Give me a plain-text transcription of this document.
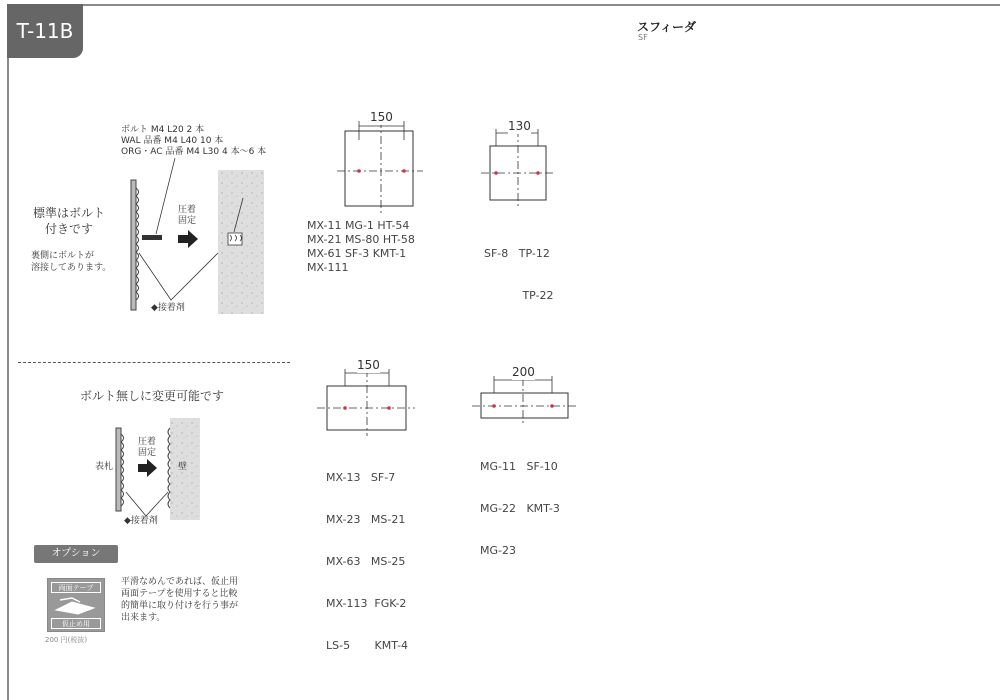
T-11B	スフィーダ
SF
ボルト M4 L20 2 本
WAL 品番 M4 L40 10 本
ORG・AC 品番 M4 L30 4 本～6 本
標準はボルト
付きです
裏側にボルトが
溶接してあります。
圧着
固定
◆接着剤
150
130
150	200
MX-11 MG-1 HT-54
MX-21 MS-80 HT-58
MX-61 SF-3 KMT-1
MX-111

SF-8   TP-12

TP-22

ボルト無しに変更可能です
圧着
固定
表札	壁
◆接着剤

MX-13   SF-7

MX-23   MS-21

MX-63   MS-25

MX-113  FGK-2

LS-5       KMT-4

MG-11   SF-10

MG-22   KMT-3

MG-23

オプション
両面テープ
仮止め用
200 円(税抜)
平滑なめんであれば、仮止用
両面テープを使用すると比較
的簡単に取り付けを行う事が
出来ます。
